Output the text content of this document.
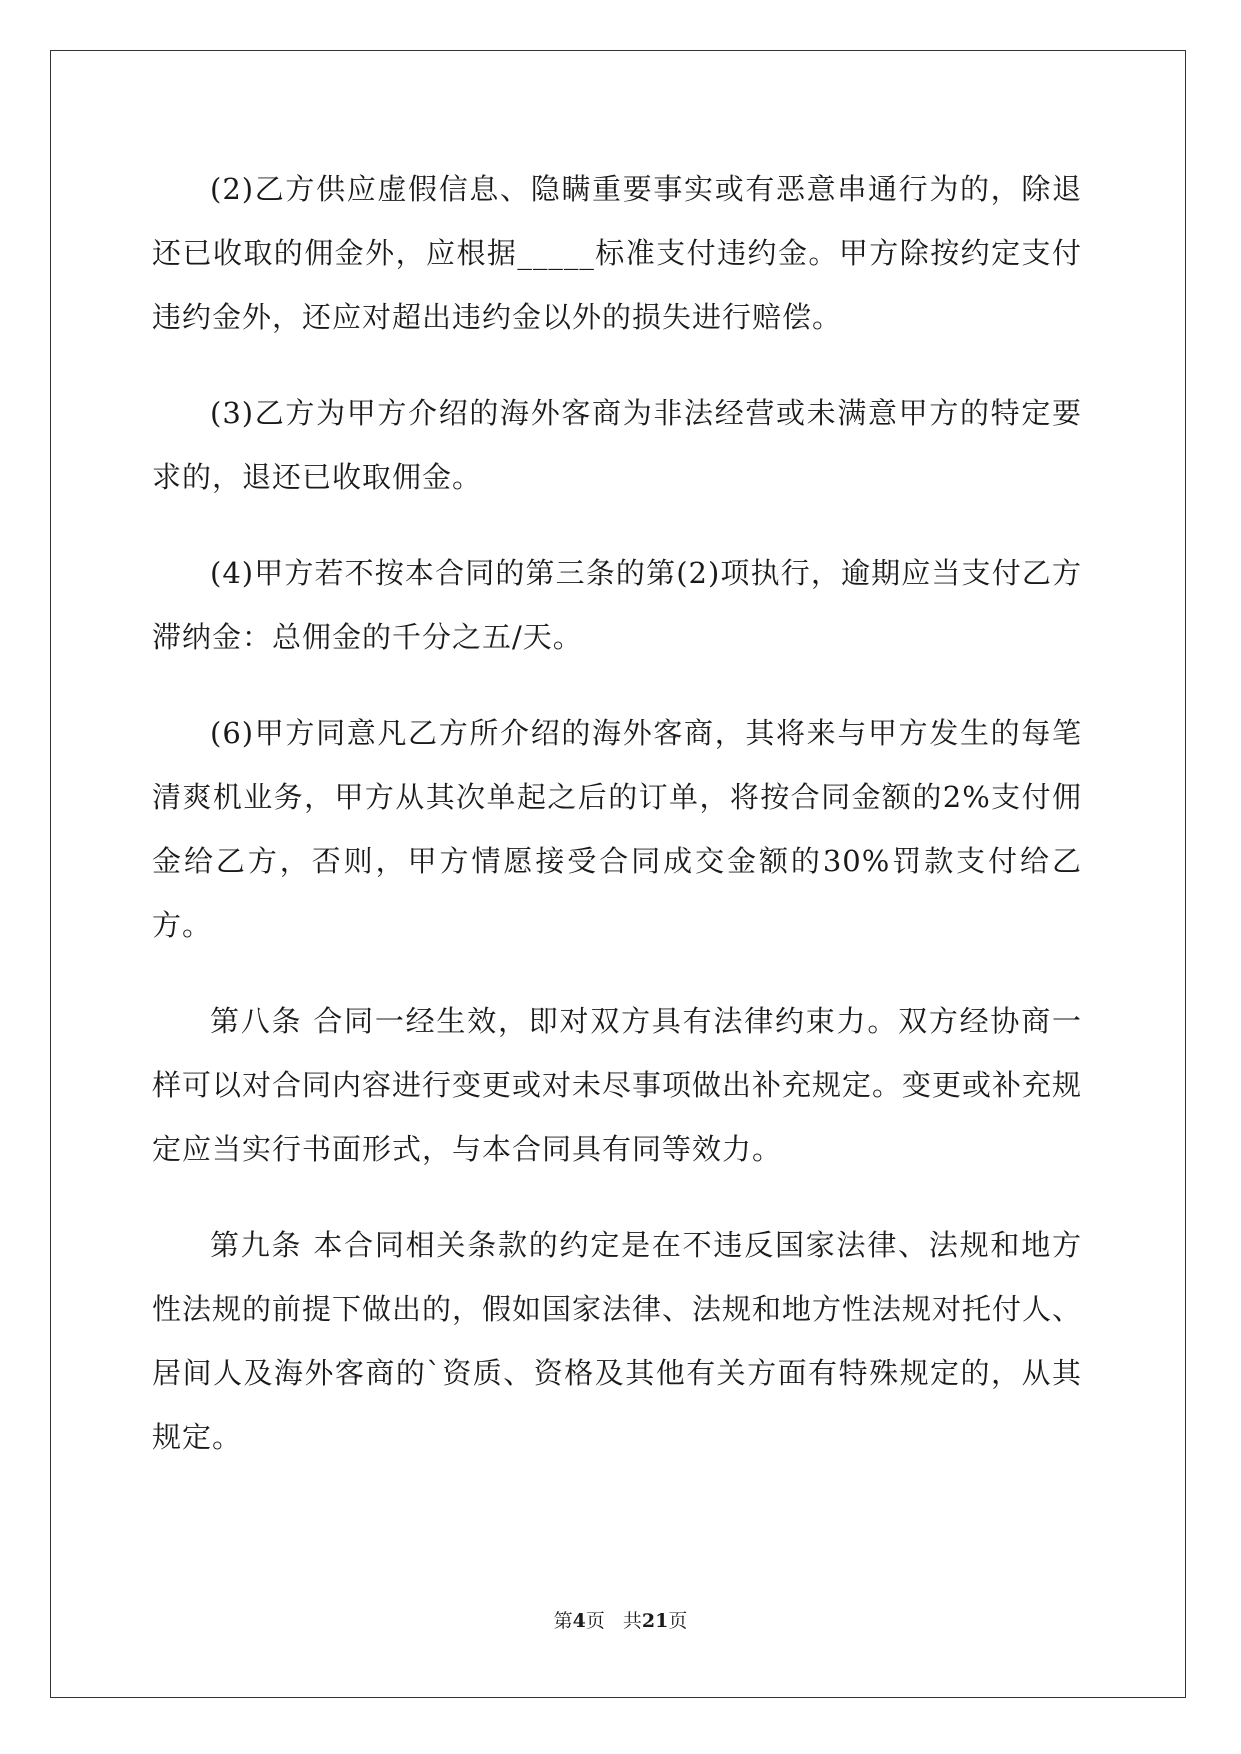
(2)乙方供应虚假信息、隐瞒重要事实或有恶意串通行为的，除退还已收取的佣金外，应根据_____标准支付违约金。甲方除按约定支付违约金外，还应对超出违约金以外的损失进行赔偿。

(3)乙方为甲方介绍的海外客商为非法经营或未满意甲方的特定要求的，退还已收取佣金。

(4)甲方若不按本合同的第三条的第(2)项执行，逾期应当支付乙方滞纳金：总佣金的千分之五/天。

(6)甲方同意凡乙方所介绍的海外客商，其将来与甲方发生的每笔清爽机业务，甲方从其次单起之后的订单，将按合同金额的2%支付佣金给乙方，否则，甲方情愿接受合同成交金额的30%罚款支付给乙方。

第八条 合同一经生效，即对双方具有法律约束力。双方经协商一样可以对合同内容进行变更或对未尽事项做出补充规定。变更或补充规定应当实行书面形式，与本合同具有同等效力。

第九条 本合同相关条款的约定是在不违反国家法律、法规和地方性法规的前提下做出的，假如国家法律、法规和地方性法规对托付人、居间人及海外客商的`资质、资格及其他有关方面有特殊规定的，从其规定。

第4页 共21页
